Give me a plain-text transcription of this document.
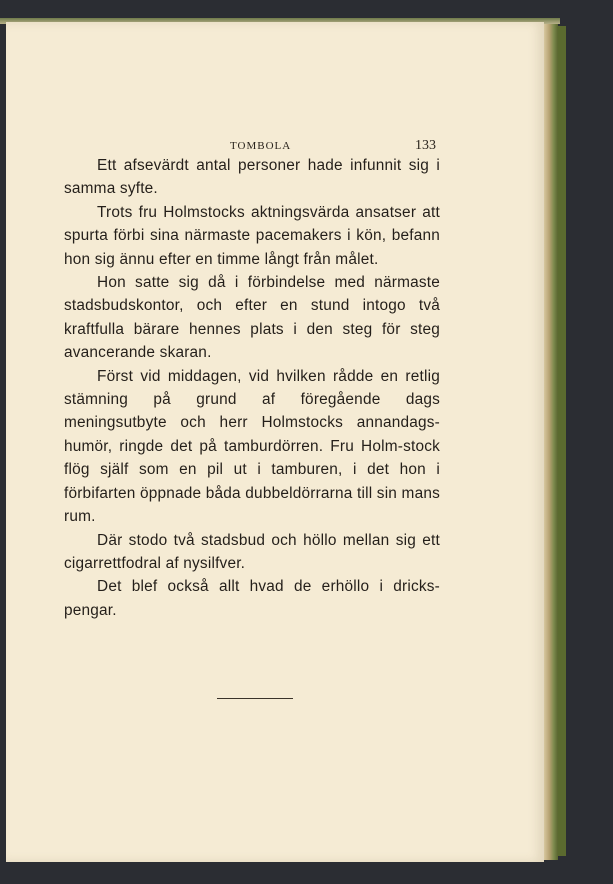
TOMBOLA	133

Ett afsevärdt antal personer hade infunnit sig i samma syfte.

Trots fru Holmstocks aktningsvärda ansatser att spurta förbi sina närmaste pacemakers i kön, befann hon sig ännu efter en timme långt från målet.

Hon satte sig då i förbindelse med närmaste stadsbudskontor, och efter en stund intogo två kraftfulla bärare hennes plats i den steg för steg avancerande skaran.

Först vid middagen, vid hvilken rådde en retlig stämning på grund af föregående dags meningsutbyte och herr Holmstocks annandags-humör, ringde det på tamburdörren. Fru Holm-stock flög själf som en pil ut i tamburen, i det hon i förbifarten öppnade båda dubbeldörrarna till sin mans rum.

Där stodo två stadsbud och höllo mellan sig ett cigarrettfodral af nysilfver.

Det blef också allt hvad de erhöllo i dricks-pengar.
